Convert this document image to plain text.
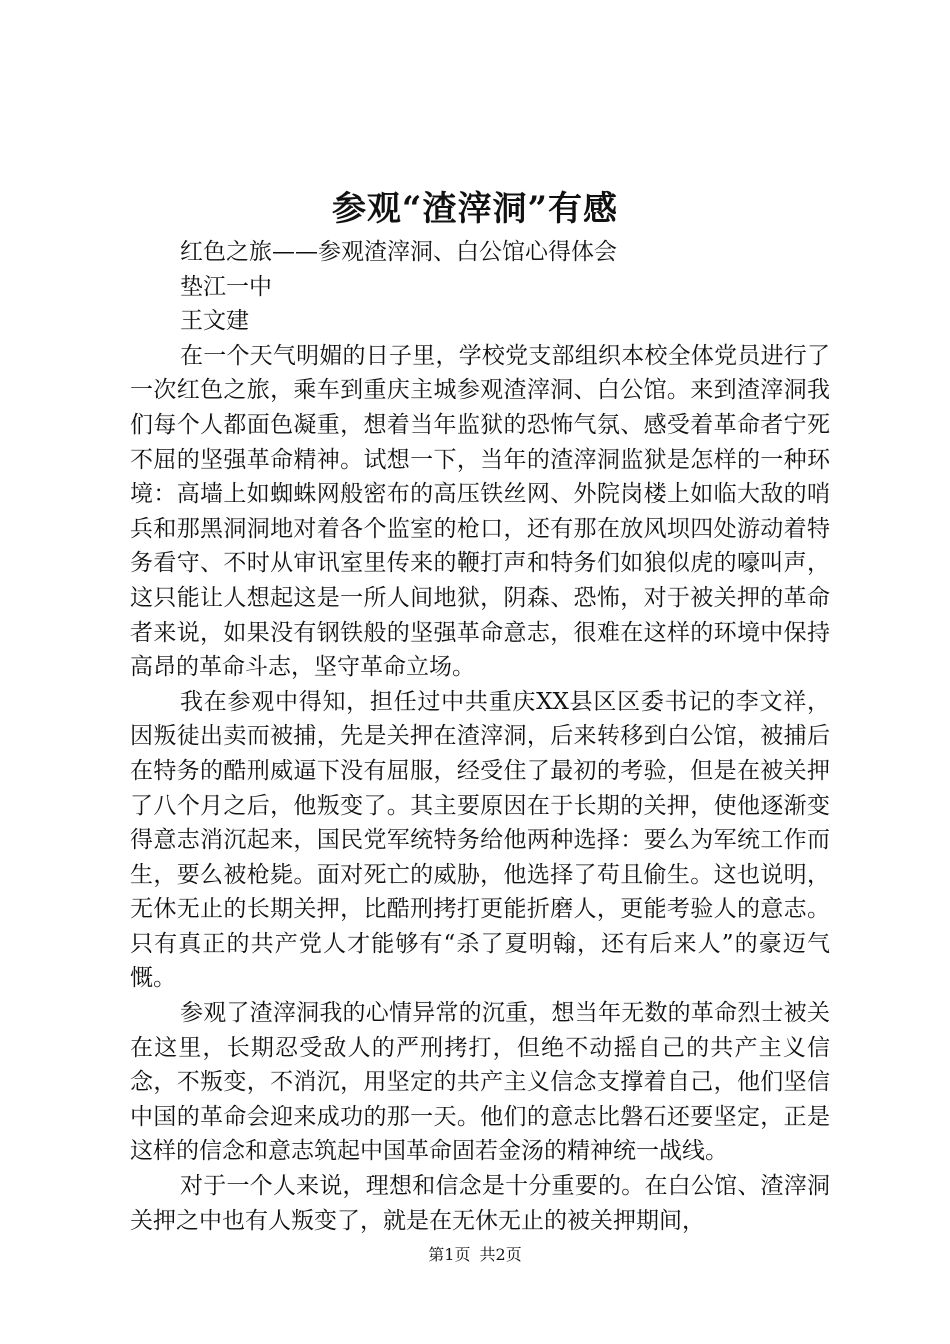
参观“渣滓洞”有感

红色之旅——参观渣滓洞、白公馆心得体会

垫江一中

王文建

在一个天气明媚的日子里，学校党支部组织本校全体党员进行了一次红色之旅，乘车到重庆主城参观渣滓洞、白公馆。来到渣滓洞我们每个人都面色凝重，想着当年监狱的恐怖气氛、感受着革命者宁死不屈的坚强革命精神。试想一下，当年的渣滓洞监狱是怎样的一种环境：高墙上如蜘蛛网般密布的高压铁丝网、外院岗楼上如临大敌的哨兵和那黑洞洞地对着各个监室的枪口，还有那在放风坝四处游动着特务看守、不时从审讯室里传来的鞭打声和特务们如狼似虎的嚎叫声，这只能让人想起这是一所人间地狱，阴森、恐怖，对于被关押的革命者来说，如果没有钢铁般的坚强革命意志，很难在这样的环境中保持高昂的革命斗志，坚守革命立场。

我在参观中得知，担任过中共重庆XX县区区委书记的李文祥，因叛徒出卖而被捕，先是关押在渣滓洞，后来转移到白公馆，被捕后在特务的酷刑威逼下没有屈服，经受住了最初的考验，但是在被关押了八个月之后，他叛变了。其主要原因在于长期的关押，使他逐渐变得意志消沉起来，国民党军统特务给他两种选择：要么为军统工作而生，要么被枪毙。面对死亡的威胁，他选择了苟且偷生。这也说明，无休无止的长期关押，比酷刑拷打更能折磨人，更能考验人的意志。只有真正的共产党人才能够有“杀了夏明翰，还有后来人”的豪迈气慨。

参观了渣滓洞我的心情异常的沉重，想当年无数的革命烈士被关在这里，长期忍受敌人的严刑拷打，但绝不动摇自己的共产主义信念，不叛变，不消沉，用坚定的共产主义信念支撑着自己，他们坚信中国的革命会迎来成功的那一天。他们的意志比磐石还要坚定，正是这样的信念和意志筑起中国革命固若金汤的精神统一战线。

对于一个人来说，理想和信念是十分重要的。在白公馆、渣滓洞关押之中也有人叛变了，就是在无休无止的被关押期间，

第1页 共2页
